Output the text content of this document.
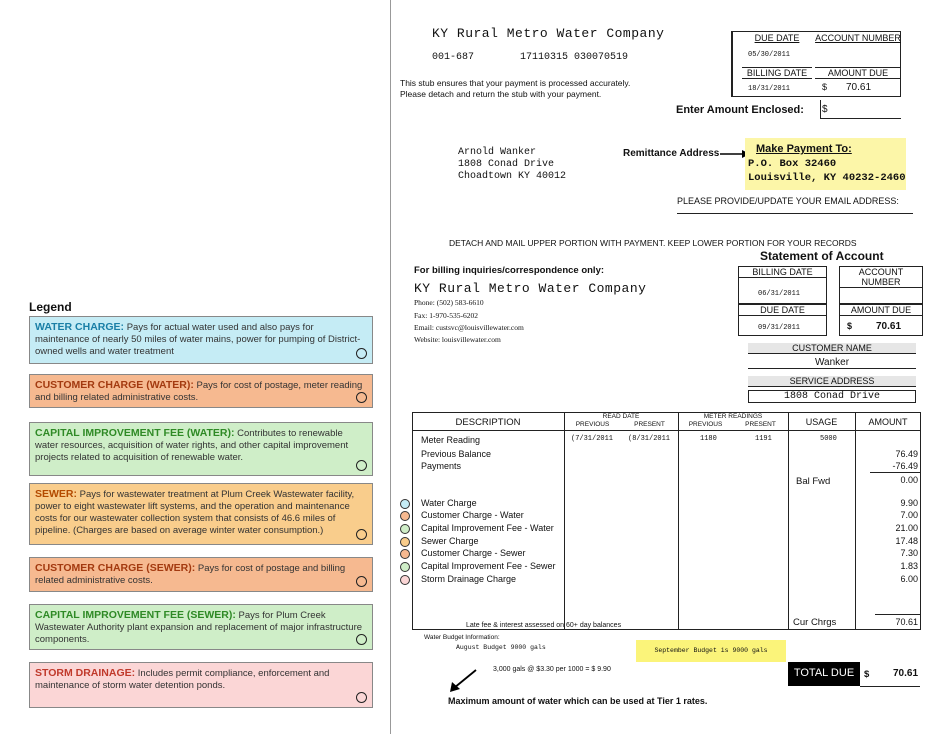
Legend
WATER CHARGE: Pays for actual water used and also pays for maintenance of nearly 50 miles of water mains, power for pumping of District-owned wells and water treatment
CUSTOMER CHARGE (WATER): Pays for cost of postage, meter reading and billing related administrative costs.
CAPITAL IMPROVEMENT FEE (WATER): Contributes to renewable water resources, acquisition of water rights, and other capital improvement projects related to acquisition of renewable water.
SEWER: Pays for wastewater treatment at Plum Creek Wastewater facility, power to eight wastewater lift systems, and the operation and maintenance costs for our wastewater collection system that consists of 46.6 miles of pipeline. (Charges are based on average winter water consumption.)
CUSTOMER CHARGE (SEWER): Pays for cost of postage and billing related administrative costs.
CAPITAL IMPROVEMENT FEE (SEWER): Pays for Plum Creek Wastewater Authority plant expansion and replacement of major infrastructure components.
STORM DRAINAGE: Includes permit compliance, enforcement and maintenance of storm water detention ponds.
KY Rural Metro Water Company
001-687	17110315 030070519
This stub ensures that your payment is processed accurately.
Please detach and return the stub with your payment.
DUE DATE	ACCOUNT NUMBER
05/30/2011
BILLING DATE	AMOUNT DUE
18/31/2011	$ 70.61
Enter Amount Enclosed: $
Arnold Wanker
1808 Conad Drive
Choadtown KY 40012
Remittance Address	Make Payment To:
P.O. Box 32460
Louisville, KY 40232-2460
PLEASE PROVIDE/UPDATE YOUR EMAIL ADDRESS:
DETACH AND MAIL UPPER PORTION WITH PAYMENT. KEEP LOWER PORTION FOR YOUR RECORDS
Statement of Account
For billing inquiries/correspondence only:
KY Rural Metro Water Company
Phone: (502) 583-6610
Fax: 1-970-535-6202
Email: custsvc@louisvillewater.com
Website: louisvillewater.com
BILLING DATE
06/31/2011
ACCOUNT NUMBER
DUE DATE
09/31/2011
AMOUNT DUE
$ 70.61
CUSTOMER NAME
Wanker
SERVICE ADDRESS
1808 Conad Drive
DESCRIPTION
READ DATE
PREVIOUS	PRESENT
METER READINGS
PREVIOUS	PRESENT	USAGE	AMOUNT
Meter Reading	(7/31/2011 (8/31/2011	1180	1191	5000
Previous Balance	76.49
Payments	-76.49
Bal Fwd	0.00
Water Charge	9.90
Customer Charge - Water	7.00
Capital Improvement Fee - Water	21.00
Sewer Charge	17.48
Customer Charge - Sewer	7.30
Capital Improvement Fee - Sewer	1.83
Storm Drainage Charge	6.00
Late fee & interest assessed on 60+ day balances	Cur Chrgs	70.61
Water Budget Information:
August Budget 9000 gals	September Budget is 9000 gals
3,000 gals @ $3.30 per 1000 = $ 9.90
Maximum amount of water which can be used at Tier 1 rates.
TOTAL DUE	$ 70.61
